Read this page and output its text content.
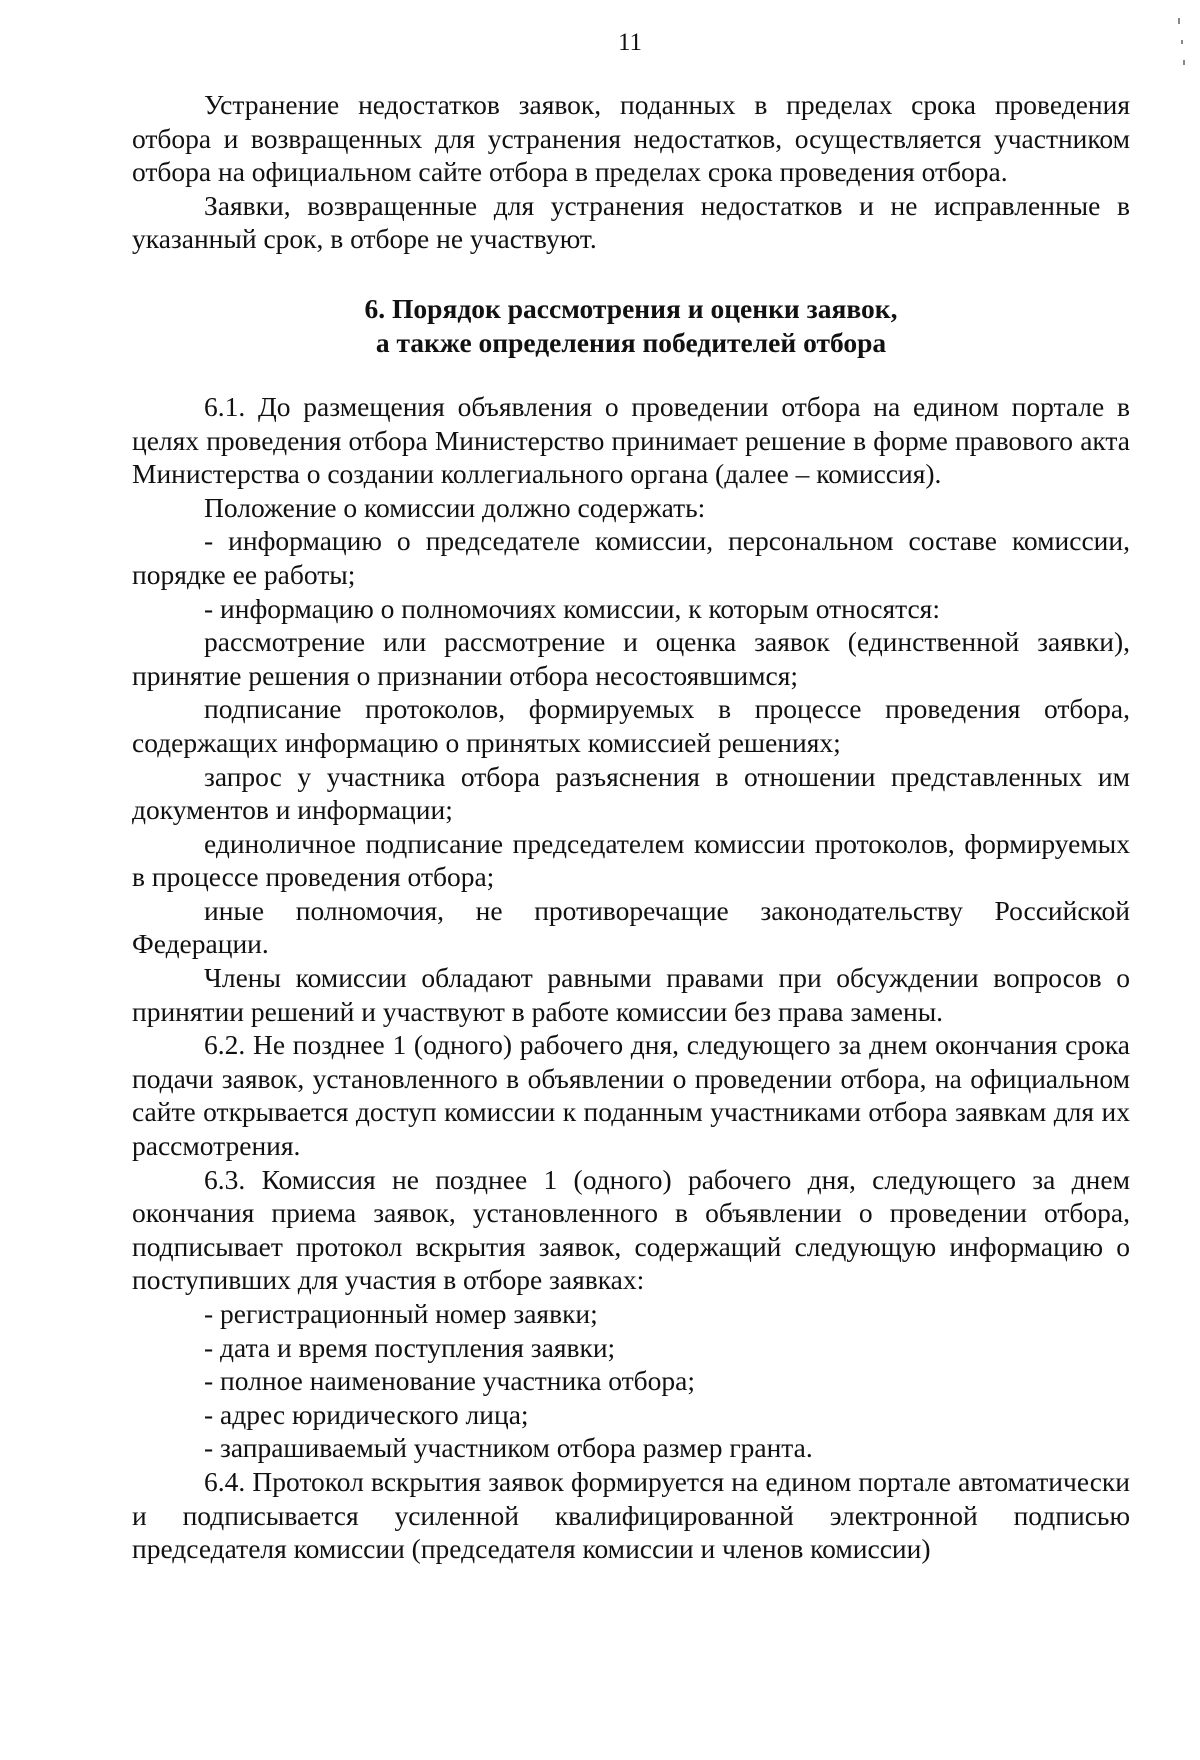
11

Устранение недостатков заявок, поданных в пределах срока проведения отбора и возвращенных для устранения недостатков, осуществляется участником отбора на официальном сайте отбора в пределах срока проведения отбора.

Заявки, возвращенные для устранения недостатков и не исправленные в указанный срок, в отборе не участвуют.

6. Порядок рассмотрения и оценки заявок,
а также определения победителей отбора

6.1. До размещения объявления о проведении отбора на едином портале в целях проведения отбора Министерство принимает решение в форме правового акта Министерства о создании коллегиального органа (далее – комиссия).

Положение о комиссии должно содержать:

- информацию о председателе комиссии, персональном составе комиссии, порядке ее работы;

- информацию о полномочиях комиссии, к которым относятся:

рассмотрение или рассмотрение и оценка заявок (единственной заявки), принятие решения о признании отбора несостоявшимся;

подписание протоколов, формируемых в процессе проведения отбора, содержащих информацию о принятых комиссией решениях;

запрос у участника отбора разъяснения в отношении представленных им документов и информации;

единоличное подписание председателем комиссии протоколов, формируемых в процессе проведения отбора;

иные полномочия, не противоречащие законодательству Российской Федерации.

Члены комиссии обладают равными правами при обсуждении вопросов о принятии решений и участвуют в работе комиссии без права замены.

6.2. Не позднее 1 (одного) рабочего дня, следующего за днем окончания срока подачи заявок, установленного в объявлении о проведении отбора, на официальном сайте открывается доступ комиссии к поданным участниками отбора заявкам для их рассмотрения.

6.3. Комиссия не позднее 1 (одного) рабочего дня, следующего за днем окончания приема заявок, установленного в объявлении о проведении отбора, подписывает протокол вскрытия заявок, содержащий следующую информацию о поступивших для участия в отборе заявках:

- регистрационный номер заявки;

- дата и время поступления заявки;

- полное наименование участника отбора;

- адрес юридического лица;

- запрашиваемый участником отбора размер гранта.

6.4. Протокол вскрытия заявок формируется на едином портале автоматически и подписывается усиленной квалифицированной электронной подписью председателя комиссии (председателя комиссии и членов комиссии)
